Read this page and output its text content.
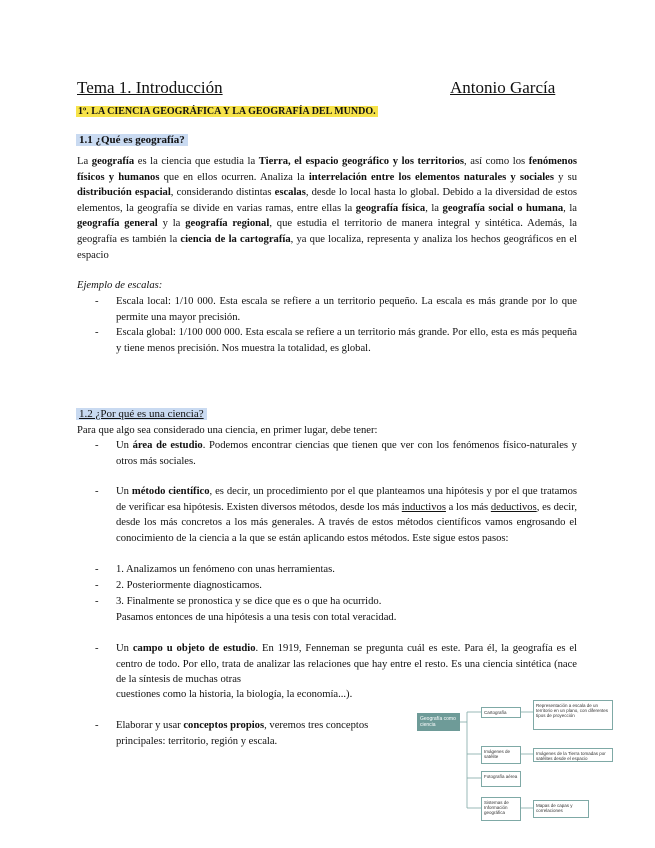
Tema 1. Introducción	Antonio García
1º. LA CIENCIA GEOGRÁFICA Y LA GEOGRAFÍA DEL MUNDO.
1.1 ¿Qué es geografía?

La geografía es la ciencia que estudia la Tierra, el espacio geográfico y los territorios, así como los fenómenos físicos y humanos que en ellos ocurren. Analiza la interrelación entre los elementos naturales y sociales y su distribución espacial, considerando distintas escalas, desde lo local hasta lo global. Debido a la diversidad de estos elementos, la geografía se divide en varias ramas, entre ellas la geografía física, la geografía social o humana, la geografía general y la geografía regional, que estudia el territorio de manera integral y sintética. Además, la geografía es también la ciencia de la cartografía, ya que localiza, representa y analiza los hechos geográficos en el espacio

Ejemplo de escalas:
- Escala local: 1/10 000. Esta escala se refiere a un territorio pequeño. La escala es más grande por lo que permite una mayor precisión.

- Escala global: 1/100 000 000. Esta escala se refiere a un territorio más grande. Por ello, esta es más pequeña y tiene menos precisión. Nos muestra la totalidad, es global.

1.2 ¿Por qué es una ciencia?
Para que algo sea considerado una ciencia, en primer lugar, debe tener:
- Un área de estudio. Podemos encontrar ciencias que tienen que ver con los fenómenos físico-naturales y otros más sociales.

- Un método científico, es decir, un procedimiento por el que planteamos una hipótesis y por el que tratamos de verificar esa hipótesis. Existen diversos métodos, desde los más inductivos a los más deductivos, es decir, desde los más concretos a los más generales. A través de estos métodos científicos vamos engrosando el conocimiento de la ciencia a la que se están aplicando estos métodos. Este sigue estos pasos:

- 1. Analizamos un fenómeno con unas herramientas.
- 2. Posteriormente diagnosticamos.
- 3. Finalmente se pronostica y se dice que es o que ha ocurrido.
Pasamos entonces de una hipótesis a una tesis con total veracidad.
- Un campo u objeto de estudio. En 1919, Fenneman se pregunta cuál es este. Para él, la geografía es el centro de todo. Por ello, trata de analizar las relaciones que hay entre el resto. Es una ciencia sintética (nace de la síntesis de muchas otras

cuestiones como la historia, la biología, la economía...).
- Elaborar y usar conceptos propios, veremos tres conceptos principales: territorio, región y escala.

Geografía como ciencia
Cartografía
Imágenes de satélite
Fotografía aérea
Sistemas de Información geográfica
Representación a escala de un territorio en un plano, con diferentes tipos de proyección
Imágenes de la Tierra tomadas por satélites desde el espacio
Mapas de capas y correlaciones
